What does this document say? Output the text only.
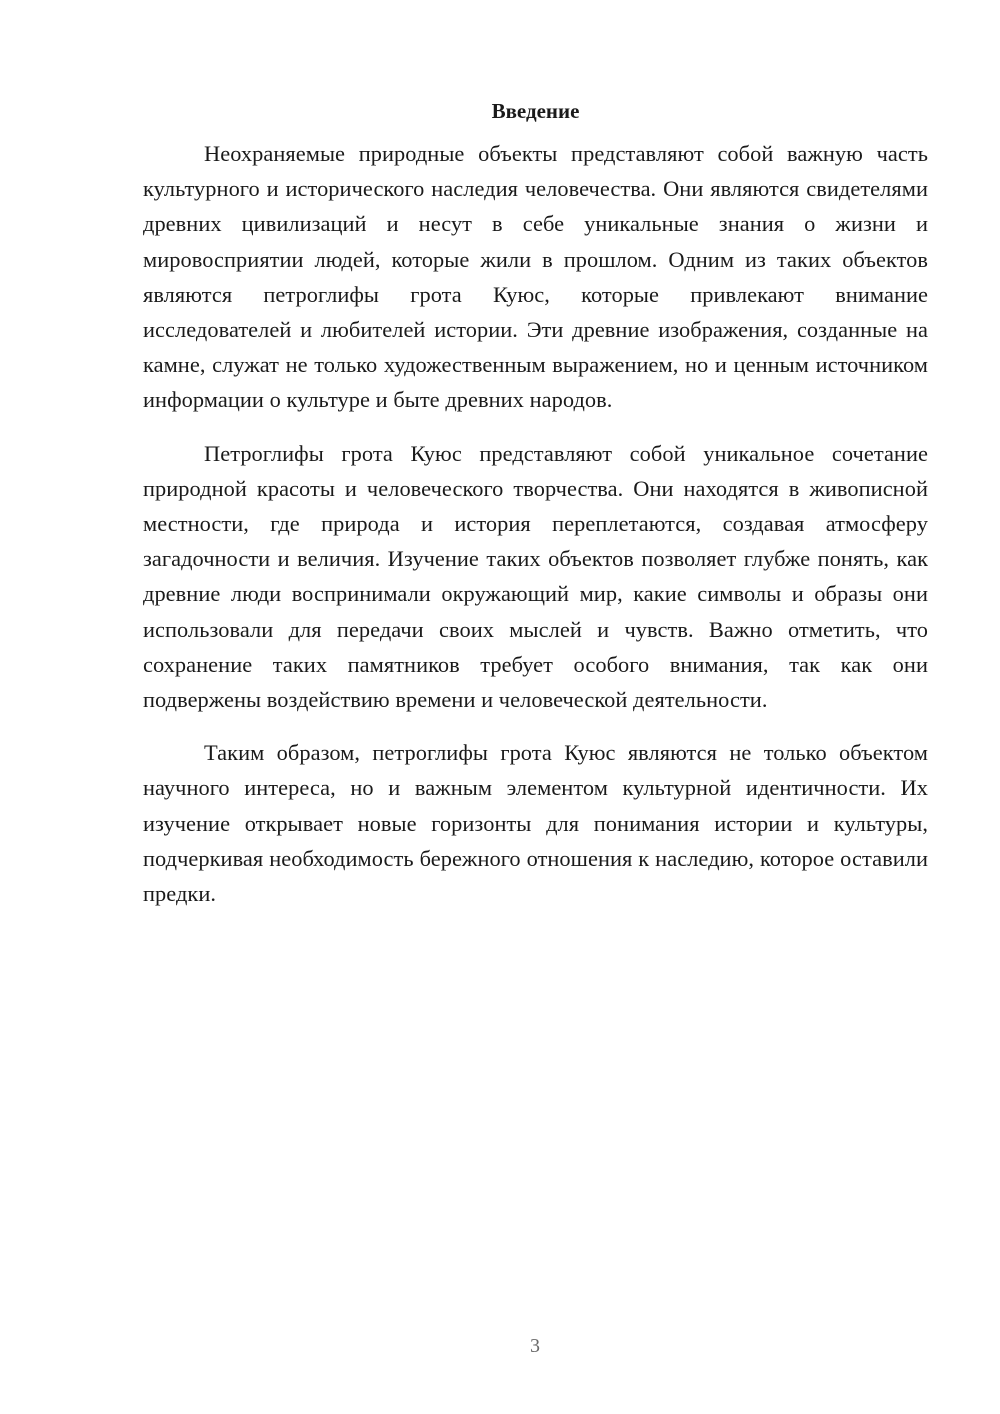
Введение

Неохраняемые природные объекты представляют собой важную часть культурного и исторического наследия человечества. Они являются свидетелями древних цивилизаций и несут в себе уникальные знания о жизни и мировосприятии людей, которые жили в прошлом. Одним из таких объектов являются петроглифы грота Куюс, которые привлекают внимание исследователей и любителей истории. Эти древние изображения, созданные на камне, служат не только художественным выражением, но и ценным источником информации о культуре и быте древних народов.

Петроглифы грота Куюс представляют собой уникальное сочетание природной красоты и человеческого творчества. Они находятся в живописной местности, где природа и история переплетаются, создавая атмосферу загадочности и величия. Изучение таких объектов позволяет глубже понять, как древние люди воспринимали окружающий мир, какие символы и образы они использовали для передачи своих мыслей и чувств. Важно отметить, что сохранение таких памятников требует особого внимания, так как они подвержены воздействию времени и человеческой деятельности.

Таким образом, петроглифы грота Куюс являются не только объектом научного интереса, но и важным элементом культурной идентичности. Их изучение открывает новые горизонты для понимания истории и культуры, подчеркивая необходимость бережного отношения к наследию, которое оставили предки.

3
